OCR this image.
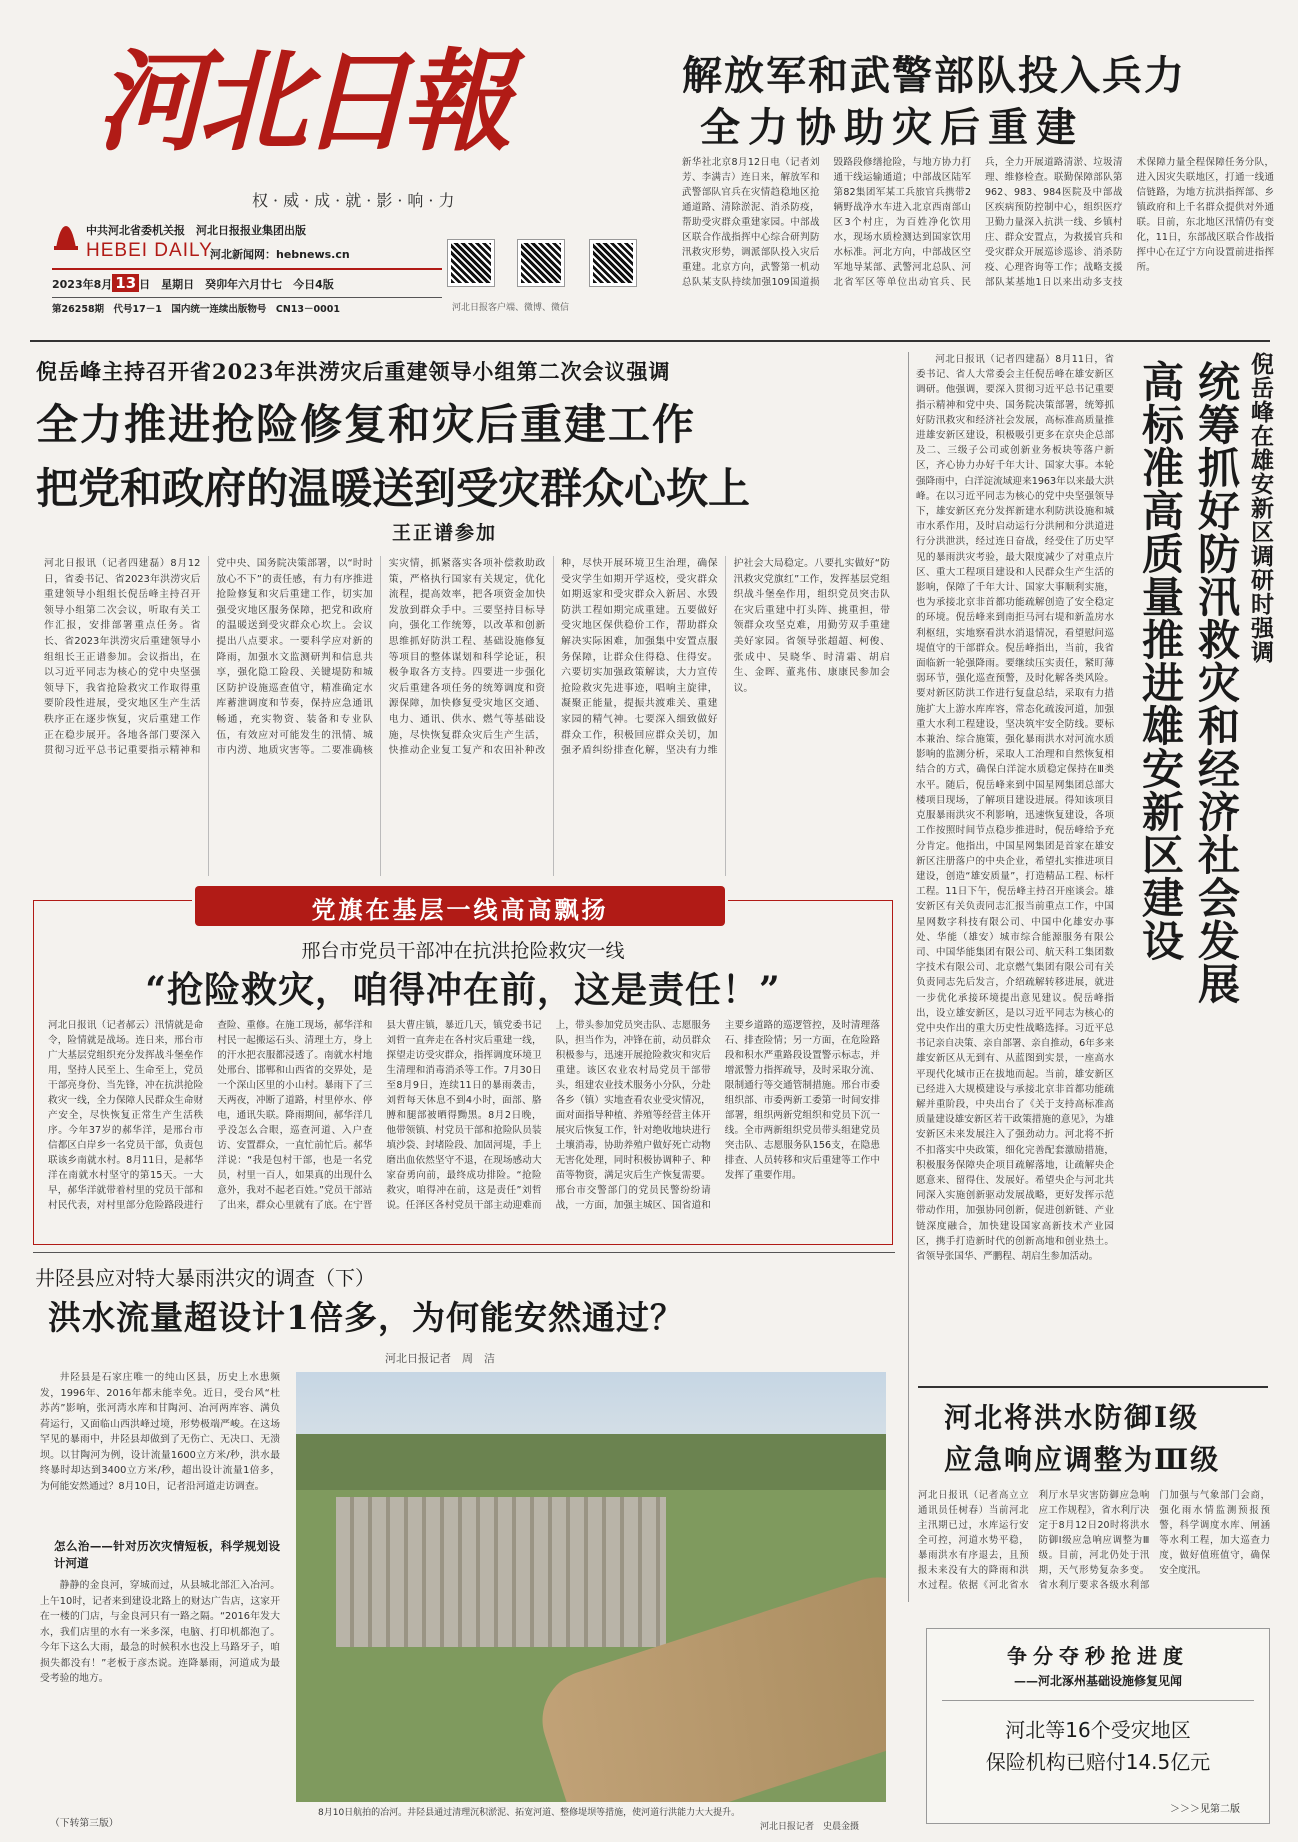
河北日報
权·威·成·就·影·响·力
中共河北省委机关报　河北日报报业集团出版
HEBEI DAILY
河北新闻网：hebnews.cn
2023年8月 13 日　星期日　癸卯年六月廿七　今日4版
第26258期　代号17－1　国内统一连续出版物号　CN13－0001	河北日报客户端、微博、微信
解放军和武警部队投入兵力
全力协助灾后重建
新华社北京8月12日电（记者刘芳、李满吉）连日来，解放军和武警部队官兵在灾情趋稳地区抢通道路、清除淤泥、消杀防疫，帮助受灾群众重建家园。中部战区联合作战指挥中心综合研判防汛救灾形势，调派部队投入灾后重建。北京方向，武警第一机动总队某支队持续加强109国道损毁路段修缮抢险，与地方协力打通干线运输通道；中部战区陆军第82集团军某工兵旅官兵携带2辆野战净水车进入北京西南部山区3个村庄，为百姓净化饮用水，现场水质检测达到国家饮用水标准。河北方向，中部战区空军地导某部、武警河北总队、河北省军区等单位出动官兵、民兵，全力开展道路清淤、垃圾清理、维修检查。联勤保障部队第962、983、984医院及中部战区疾病预防控制中心，组织医疗卫勤力量深入抗洪一线、乡镇村庄、群众安置点，为救援官兵和受灾群众开展巡诊巡诊、消杀防疫、心理咨询等工作；战略支援部队某基地1日以来出动多支技术保障力量全程保障任务分队，进入因灾失联地区，打通一线通信链路，为地方抗洪指挥部、乡镇政府和上千名群众提供对外通联。目前，东北地区汛情仍有变化，11日，东部战区联合作战指挥中心在辽宁方向设置前进指挥所。
倪岳峰主持召开省2023年洪涝灾后重建领导小组第二次会议强调
全力推进抢险修复和灾后重建工作
把党和政府的温暖送到受灾群众心坎上
王正谱参加
河北日报讯（记者四建磊）8月12日，省委书记、省2023年洪涝灾后重建领导小组组长倪岳峰主持召开领导小组第二次会议，听取有关工作汇报，安排部署重点任务。省长、省2023年洪涝灾后重建领导小组组长王正谱参加。会议指出，在以习近平同志为核心的党中央坚强领导下，我省抢险救灾工作取得重要阶段性进展，受灾地区生产生活秩序正在逐步恢复，灾后重建工作正在稳步展开。各地各部门要深入贯彻习近平总书记重要指示精神和党中央、国务院决策部署，以“时时放心不下”的责任感，有力有序推进抢险修复和灾后重建工作，切实加强受灾地区服务保障，把党和政府的温暖送到受灾群众心坎上。会议提出八点要求。一要科学应对新的降雨，加强水文监测研判和信息共享，强化隐工险段、关键堤防和城区防护设施巡查值守，精准确定水库蓄泄调度和节奏，保持应急通讯畅通，充实物资、装备和专业队伍，有效应对可能发生的汛情、城市内涝、地质灾害等。二要准确核实灾情，抓紧落实各项补偿救助政策，严格执行国家有关规定，优化流程，提高效率，把各项资金加快发放到群众手中。三要坚持目标导向，强化工作统筹，以改革和创新思维抓好防洪工程、基础设施修复等项目的整体谋划和科学论证，积极争取各方支持。四要进一步强化灾后重建各项任务的统筹调度和资源保障，加快修复受灾地区交通、电力、通讯、供水、燃气等基础设施，尽快恢复群众灾后生产生活，快推动企业复工复产和农田补种改种，尽快开展环境卫生治理，确保受灾学生如期开学返校，受灾群众如期返家和受灾群众入新居、水毁防洪工程如期完成重建。五要做好受灾地区保供稳价工作，帮助群众解决实际困难，加强集中安置点服务保障，让群众住得稳、住得安。六要切实加强政策解读，大力宣传抢险救灾先进事迹，唱响主旋律，凝聚正能量，提振共渡难关、重建家园的精气神。七要深入细致做好群众工作，积极回应群众关切，加强矛盾纠纷排查化解，坚决有力维护社会大局稳定。八要扎实做好“防汛救灾党旗红”工作，发挥基层党组织战斗堡垒作用，组织党员突击队在灾后重建中打头阵、挑重担，带领群众攻坚克难，用勤劳双手重建美好家园。省领导张超超、柯俊、张成中、吴晓华、时清霜、胡启生、金晖、董兆伟、康康民参加会议。
党旗在基层一线高高飘扬
邢台市党员干部冲在抗洪抢险救灾一线
“抢险救灾，咱得冲在前，这是责任！”
河北日报讯（记者郝云）汛情就是命令，险情就是战场。连日来，邢台市广大基层党组织充分发挥战斗堡垒作用，坚持人民至上、生命至上，党员干部亮身份、当先锋，冲在抗洪抢险救灾一线，全力保障人民群众生命财产安全，尽快恢复正常生产生活秩序。今年37岁的郝华洋，是邢台市信都区白岸乡一名党员干部，负责包联该乡南就水村。8月11日，是郝华洋在南就水村坚守的第15天。一大早，郝华洋就带着村里的党员干部和村民代表，对村里部分危险路段进行查险、重修。在施工现场，郝华洋和村民一起搬运石头、清理土方，身上的汗水把衣服都浸透了。南就水村地处邢台、邯郸和山西省的交界处，是一个深山区里的小山村。暴雨下了三天两夜，冲断了道路，村里停水、停电，通讯失联。降雨期间，郝华洋几乎没怎么合眼，巡查河道、入户查访、安置群众，一直忙前忙后。郝华洋说：“我是包村干部，也是一名党员，村里一百人，如果真的出现什么意外，我对不起老百姓。”党员干部站了出来，群众心里就有了底。在宁晋县大曹庄镇，暴近几天，镇党委书记刘哲一直奔走在各村灾后重建一线，探望走访受灾群众，指挥调度环境卫生清理和消毒消杀等工作。7月30日至8月9日，连续11日的暴雨袭击，刘哲每天休息不到4小时，面部、胳膊和腿部被晒得黝黑。8月2日晚，他带领镇、村党员干部和抢险队员装填沙袋、封堵险段、加固河堤，手上磨出血依然坚守不退，在现场感动大家奋勇向前，最终成功排险。“抢险救灾，咱得冲在前，这是责任”刘哲说。任泽区各村党员干部主动迎难而上，带头参加党员突击队、志愿服务队，担当作为，冲锋在前，动员群众积极参与，迅速开展抢险救灾和灾后重建。该区农业农村局党员干部带头，组建农业技术服务小分队，分赴各乡（镇）实地查看农业受灾情况，面对面指导种植、养殖等经营主体开展灾后恢复工作，针对绝收地块进行土壤消毒，协助养殖户做好死亡动物无害化处理，同时积极协调种子、种苗等物资，满足灾后生产恢复需要。邢台市交警部门的党员民警纷纷请战，一方面，加强主城区、国省道和主要乡道路的巡逻管控，及时清理落石、排查险情；另一方面，在危险路段和积水严重路段设置警示标志，并增派警力指挥疏导，及时采取分流、限制通行等交通管制措施。邢台市委组织部、市委两新工委第一时间安排部署，组织两新党组织和党员下沉一线。全市两新组织党员带头组建党员突击队、志愿服务队156支，在隐患排查、人员转移和灾后重建等工作中发挥了重要作用。
井陉县应对特大暴雨洪灾的调查（下）
洪水流量超设计1倍多，为何能安然通过？
河北日报记者　周　洁
井陉县是石家庄唯一的纯山区县，历史上水患频发，1996年、2016年都未能幸免。近日，受台风“杜苏芮”影响，张河湾水库和甘陶河、冶河两库容、满负荷运行，又面临山西洪峰过境，形势极端严峻。在这场罕见的暴雨中，井陉县却做到了无伤亡、无决口、无溃坝。以甘陶河为例，设计流量1600立方米/秒，洪水最终暴时却达到3400立方米/秒，超出设计流量1倍多，为何能安然通过？8月10日，记者沿河道走访调查。
怎么治——针对历次灾情短板，科学规划设计河道
静静的金良河，穿城而过，从县城北部汇入冶河。上午10时，记者来到建设北路上的财达广告店，这家开在一楼的门店，与金良河只有一路之隔。“2016年发大水，我们店里的水有一米多深，电脑、打印机都泡了。今年下这么大雨，最急的时候积水也没上马路牙子，咱损失都没有！”老板于彦杰说。连降暴雨，河道成为最受考验的地方。
（下转第三版）
8月10日航拍的冶河。井陉县通过清理沉积淤泥、拓宽河道、整修堤坝等措施，使河道行洪能力大大提升。
河北日报记者　史晨金摄
倪岳峰在雄安新区调研时强调
统筹抓好防汛救灾和经济社会发展
高标准高质量推进雄安新区建设
河北日报讯（记者四建磊）8月11日，省委书记、省人大常委会主任倪岳峰在雄安新区调研。他强调，要深入贯彻习近平总书记重要指示精神和党中央、国务院决策部署，统筹抓好防汛救灾和经济社会发展，高标准高质量推进雄安新区建设，积极吸引更多在京央企总部及二、三级子公司或创新业务板块等落户新区，齐心协力办好千年大计、国家大事。本轮强降雨中，白洋淀流域迎来1963年以来最大洪峰。在以习近平同志为核心的党中央坚强领导下，雄安新区充分发挥新建水利防洪设施和城市水系作用，及时启动运行分洪闸和分洪道进行分洪泄洪，经过连日奋战，经受住了历史罕见的暴雨洪灾考验，最大限度减少了对重点片区、重大工程项目建设和人民群众生产生活的影响，保障了千年大计、国家大事顺利实施，也为承接北京非首都功能疏解创造了安全稳定的环境。倪岳峰来到南拒马河右堤和新盖房水利枢纽，实地察看洪水消退情况，看望慰问巡堤值守的干部群众。倪岳峰指出，当前，我省面临新一轮强降雨。要继续压实责任，紧盯薄弱环节，强化巡查预警，及时化解各类风险。要对新区防洪工作进行复盘总结，采取有力措施扩大上游水库库容，常态化疏浚河道，加强重大水利工程建设，坚决筑牢安全防线。要标本兼治、综合施策，强化暴雨洪水对河流水质影响的监测分析，采取人工治理和自然恢复相结合的方式，确保白洋淀水质稳定保持在Ⅲ类水平。随后，倪岳峰来到中国星网集团总部大楼项目现场，了解项目建设进展。得知该项目克服暴雨洪灾不利影响，迅速恢复建设，各项工作按照时间节点稳步推进时，倪岳峰给予充分肯定。他指出，中国星网集团是首家在雄安新区注册落户的中央企业，希望扎实推进项目建设，创造“雄安质量”，打造精品工程、标杆工程。11日下午，倪岳峰主持召开座谈会。雄安新区有关负责同志汇报当前重点工作，中国星网数字科技有限公司、中国中化雄安办事处、华能（雄安）城市综合能源服务有限公司、中国华能集团有限公司、航天科工集团数字技术有限公司、北京燃气集团有限公司有关负责同志先后发言，介绍疏解转移进展，就进一步优化承接环境提出意见建议。倪岳峰指出，设立雄安新区，是以习近平同志为核心的党中央作出的重大历史性战略选择。习近平总书记亲自决策、亲自部署、亲自推动，6年多来雄安新区从无到有、从蓝图到实景，一座高水平现代化城市正在拔地而起。当前，雄安新区已经进入大规模建设与承接北京非首都功能疏解并重阶段，中央出台了《关于支持高标准高质量建设雄安新区若干政策措施的意见》，为雄安新区未来发展注入了强劲动力。河北将不折不扣落实中央政策，细化完善配套激励措施，积极服务保障央企项目疏解落地，让疏解央企愿意来、留得住、发展好。希望央企与河北共同深入实施创新驱动发展战略，更好发挥示范带动作用，加强协同创新，促进创新链、产业链深度融合，加快建设国家高新技术产业园区，携手打造新时代的创新高地和创业热土。省领导张国华、严鹏程、胡启生参加活动。
河北将洪水防御Ⅰ级
应急响应调整为Ⅲ级
河北日报讯（记者高立立　通讯员任树春）当前河北主汛期已过，水库运行安全可控，河道水势平稳，暴雨洪水有序退去，且预报未来没有大的降雨和洪水过程。依据《河北省水利厅水旱灾害防御应急响应工作规程》，省水利厅决定于8月12日20时将洪水防御Ⅰ级应急响应调整为Ⅲ级。目前，河北仍处于汛期，天气形势复杂多变。省水利厅要求各级水利部门加强与气象部门会商，强化雨水情监测预报预警，科学调度水库、闸涵等水利工程，加大巡查力度，做好值班值守，确保安全度汛。
争分夺秒抢进度
——河北涿州基础设施修复见闻
河北等16个受灾地区
保险机构已赔付14.5亿元
＞＞＞见第二版
